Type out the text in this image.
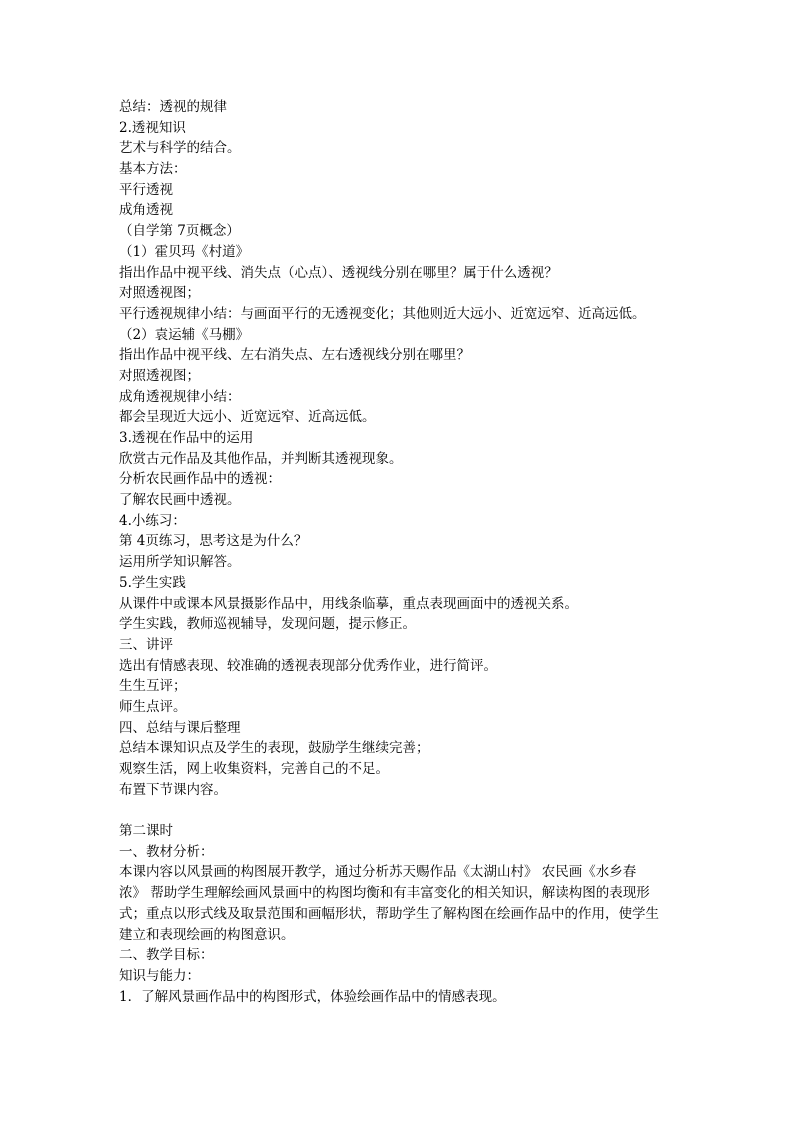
总结：透视的规律

2.透视知识

艺术与科学的结合。

基本方法：

平行透视

成角透视

（自学第 7页概念）

（1）霍贝玛《村道》

指出作品中视平线、消失点（心点）、透视线分别在哪里？属于什么透视？

对照透视图；

平行透视规律小结：与画面平行的无透视变化；其他则近大远小、近宽远窄、近高远低。

（2）袁运辅《马棚》

指出作品中视平线、左右消失点、左右透视线分别在哪里？

对照透视图；

成角透视规律小结：

都会呈现近大远小、近宽远窄、近高远低。

3.透视在作品中的运用

欣赏古元作品及其他作品，并判断其透视现象。

分析农民画作品中的透视：

了解农民画中透视。

4.小练习：

第 4页练习，思考这是为什么？

运用所学知识解答。

5.学生实践

从课件中或课本风景摄影作品中，用线条临摹，重点表现画面中的透视关系。

学生实践，教师巡视辅导，发现问题，提示修正。

三、讲评

选出有情感表现、较准确的透视表现部分优秀作业，进行简评。

生生互评；

师生点评。

四、总结与课后整理

总结本课知识点及学生的表现，鼓励学生继续完善；

观察生活，网上收集资料，完善自己的不足。

布置下节课内容。

第二课时

一、教材分析：

本课内容以风景画的构图展开教学，通过分析苏天赐作品《太湖山村》 农民画《水乡春

浓》 帮助学生理解绘画风景画中的构图均衡和有丰富变化的相关知识，解读构图的表现形

式；重点以形式线及取景范围和画幅形状，帮助学生了解构图在绘画作品中的作用，使学生

建立和表现绘画的构图意识。

二、教学目标：

知识与能力：

1．了解风景画作品中的构图形式，体验绘画作品中的情感表现。
